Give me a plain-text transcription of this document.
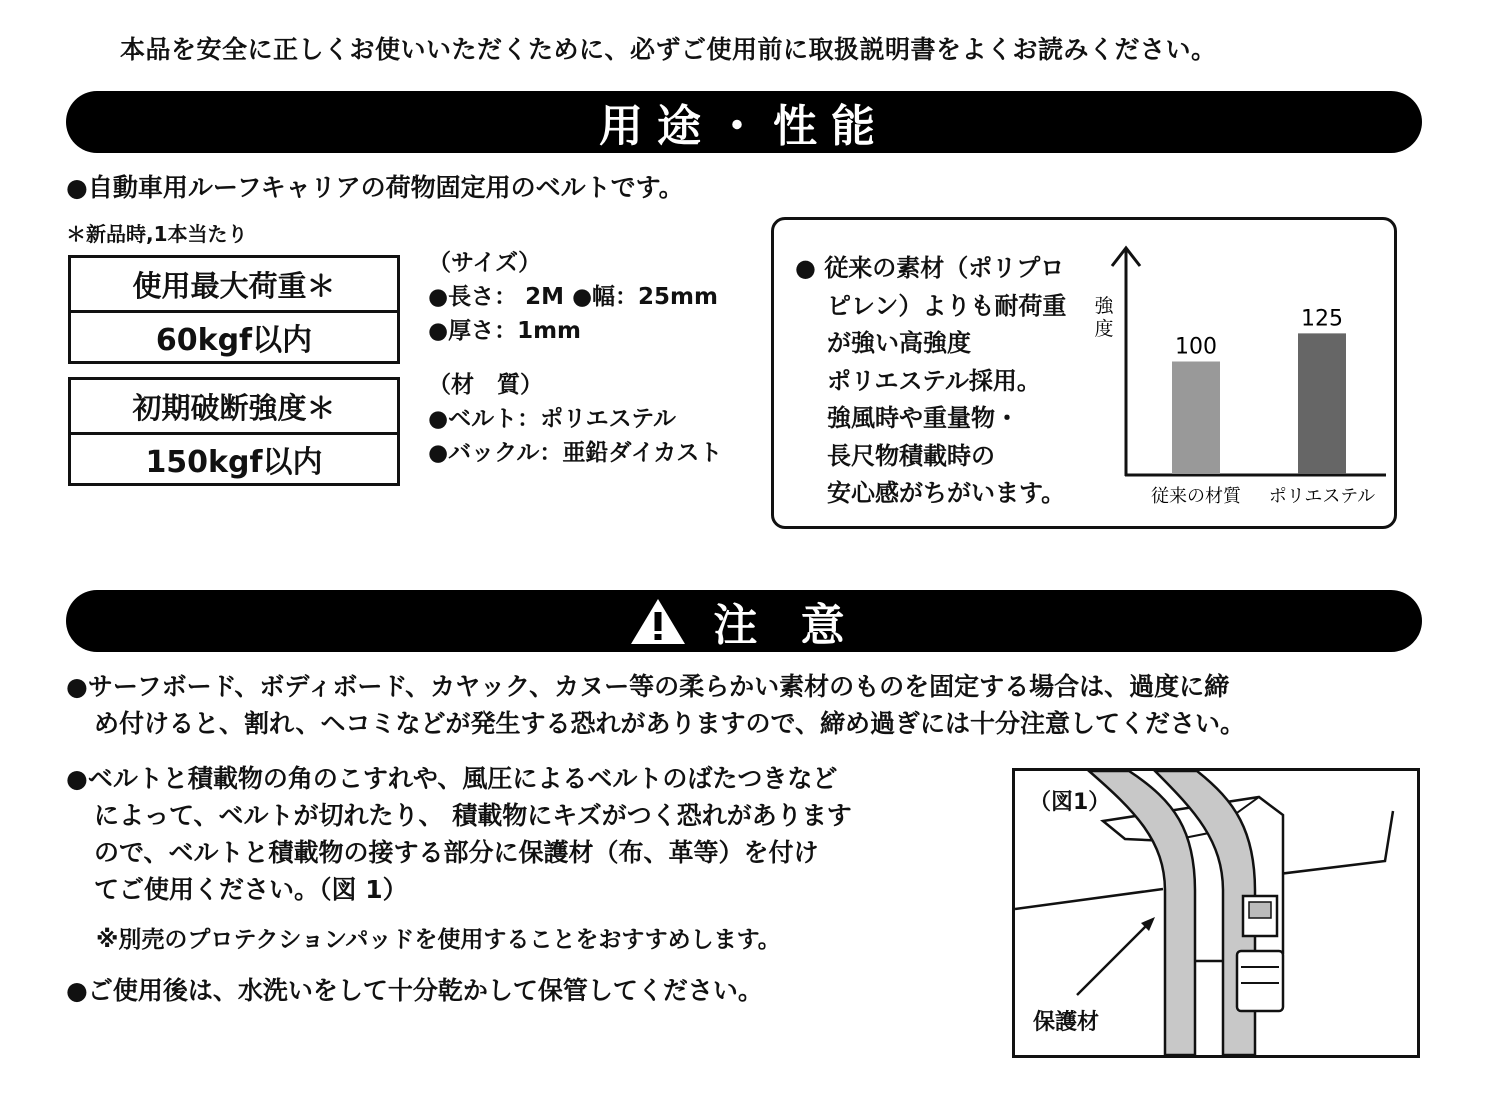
本品を安全に正しくお使いいただくために、必ずご使用前に取扱説明書をよくお読みください。
用途・性能
●自動車用ルーフキャリアの荷物固定用のベルトです。
＊新品時,1本当たり
使用最大荷重＊
60kgf以内
初期破断強度＊
150kgf以内
（サイズ）
●長さ： 2M ●幅：25mm
●厚さ：1mm
（材　質）
●ベルト：ポリエステル
●バックル：亜鉛ダイカスト
● 従来の素材（ポリプロ
ピレン）よりも耐荷重
が強い高強度
ポリエステル採用。
強風時や重量物・
長尺物積載時の
安心感がちがいます。
強
度
100
従来の材質
125
ポリエステル
注 意
●サーフボード、ボディボード、カヤック、カヌー等の柔らかい素材のものを固定する場合は、過度に締
め付けると、割れ、ヘコミなどが発生する恐れがありますので、締め過ぎには十分注意してください。
●ベルトと積載物の角のこすれや、風圧によるベルトのばたつきなど
によって、ベルトが切れたり、 積載物にキズがつく恐れがあります
ので、ベルトと積載物の接する部分に保護材（布、革等）を付け
てご使用ください。（図 1）
※別売のプロテクションパッドを使用することをおすすめします。
●ご使用後は、水洗いをして十分乾かして保管してください。
（図1）
保護材
